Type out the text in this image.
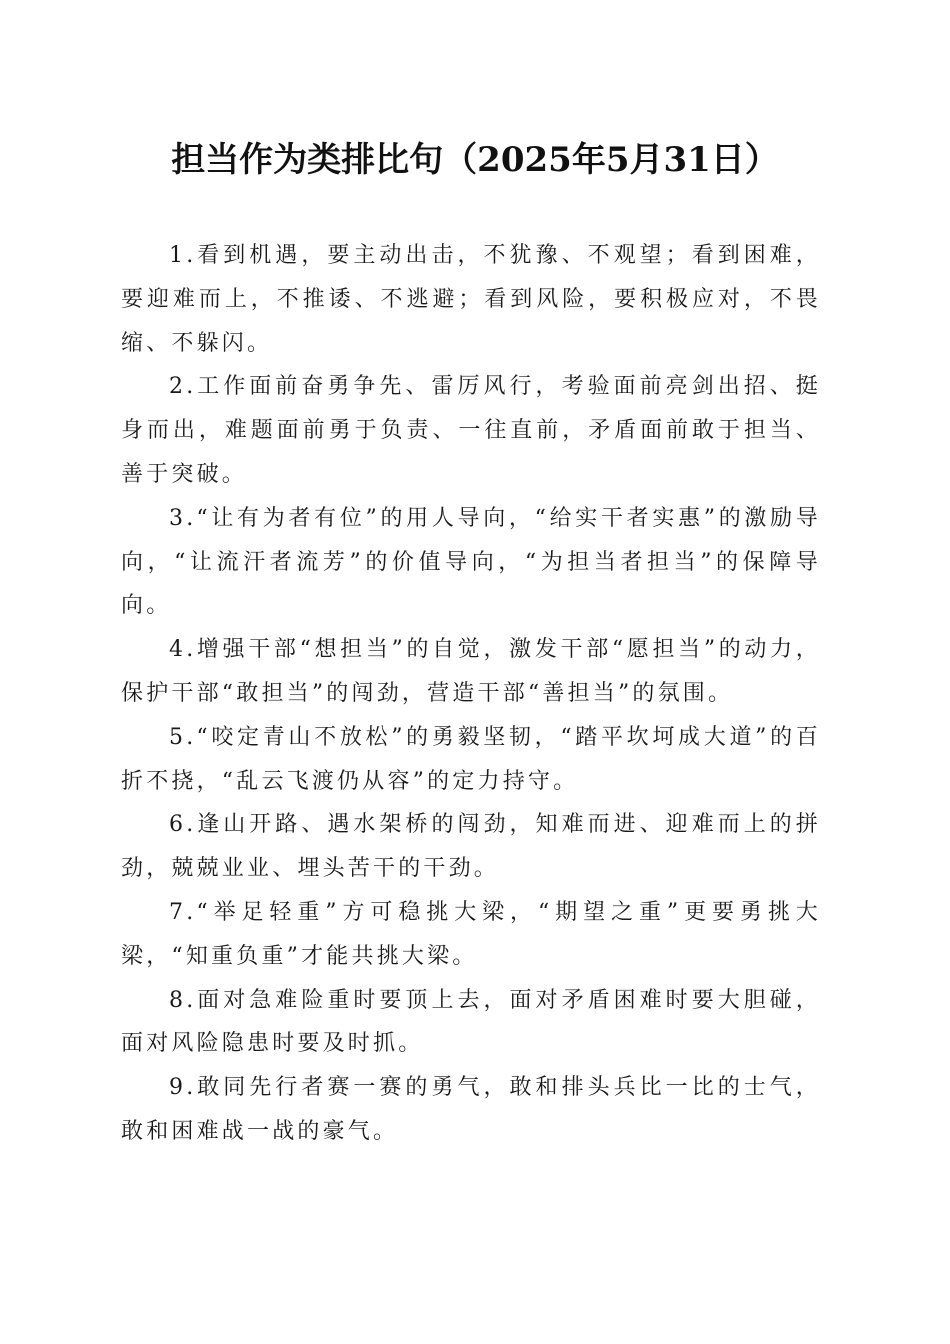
担当作为类排比句（2025年5月31日）

1.看到机遇，要主动出击，不犹豫、不观望；看到困难，要迎难而上，不推诿、不逃避；看到风险，要积极应对，不畏缩、不躲闪。

2.工作面前奋勇争先、雷厉风行，考验面前亮剑出招、挺身而出，难题面前勇于负责、一往直前，矛盾面前敢于担当、善于突破。

3.“让有为者有位”的用人导向，“给实干者实惠”的激励导向，“让流汗者流芳”的价值导向，“为担当者担当”的保障导向。

4.增强干部“想担当”的自觉，激发干部“愿担当”的动力，保护干部“敢担当”的闯劲，营造干部“善担当”的氛围。

5.“咬定青山不放松”的勇毅坚韧，“踏平坎坷成大道”的百折不挠，“乱云飞渡仍从容”的定力持守。

6.逢山开路、遇水架桥的闯劲，知难而进、迎难而上的拼劲，兢兢业业、埋头苦干的干劲。

7.“举足轻重”方可稳挑大梁，“期望之重”更要勇挑大梁，“知重负重”才能共挑大梁。

8.面对急难险重时要顶上去，面对矛盾困难时要大胆碰，面对风险隐患时要及时抓。

9.敢同先行者赛一赛的勇气，敢和排头兵比一比的士气，敢和困难战一战的豪气。
